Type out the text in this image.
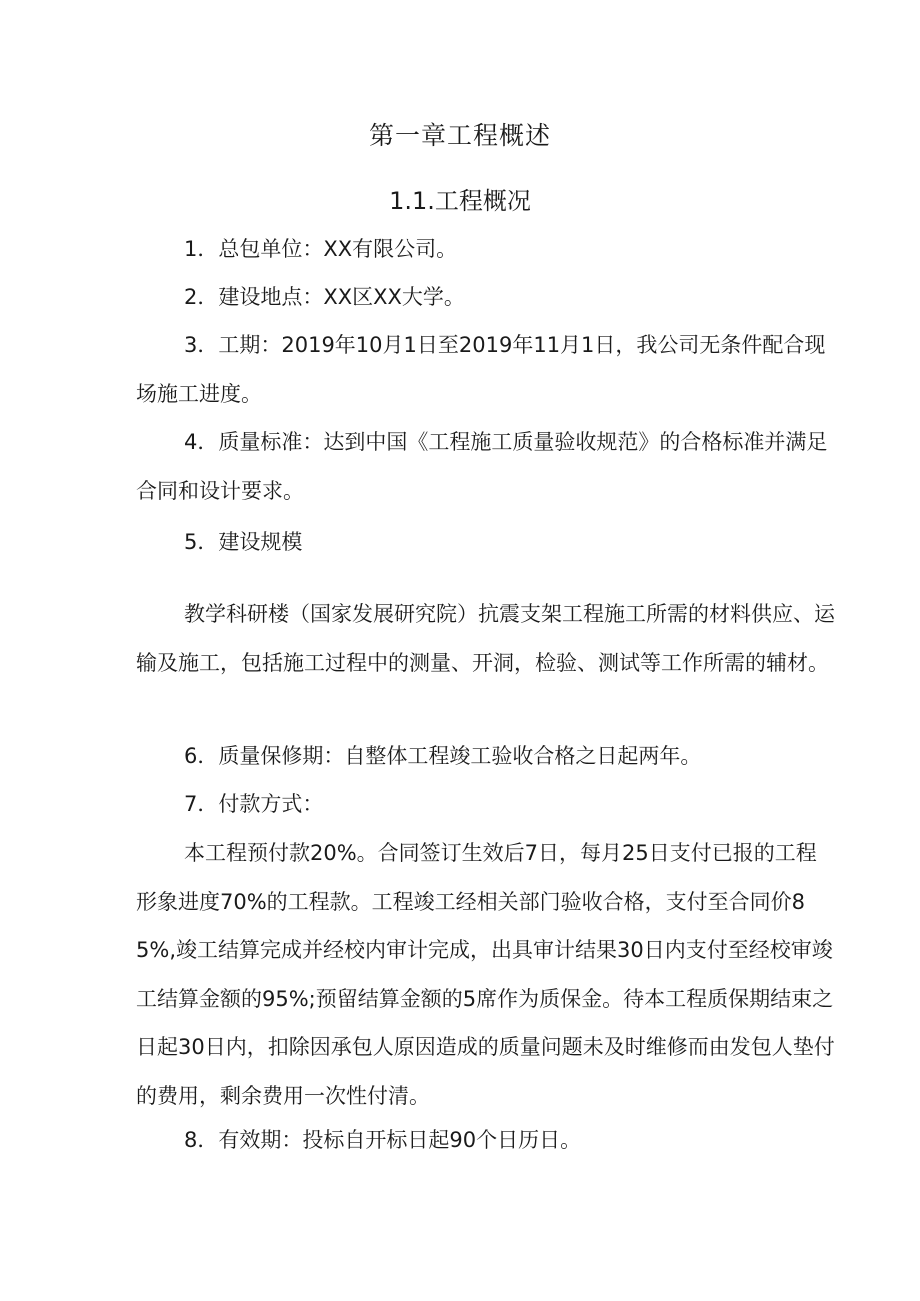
第一章工程概述
1.1.工程概况

1．总包单位：XX有限公司。

2．建设地点：XX区XX大学。

3．工期：2019年10月1日至2019年11月1日，我公司无条件配合现场施工进度。

4．质量标准：达到中国《工程施工质量验收规范》的合格标准并满足合同和设计要求。

5．建设规模

教学科研楼（国家发展研究院）抗震支架工程施工所需的材料供应、运输及施工，包括施工过程中的测量、开洞，检验、测试等工作所需的辅材。

6．质量保修期：自整体工程竣工验收合格之日起两年。

7．付款方式：

本工程预付款20%。合同签订生效后7日，每月25日支付已报的工程形象进度70%的工程款。工程竣工经相关部门验收合格，支付至合同价85%,竣工结算完成并经校内审计完成，出具审计结果30日内支付至经校审竣工结算金额的95%;预留结算金额的5席作为质保金。待本工程质保期结束之日起30日内，扣除因承包人原因造成的质量问题未及时维修而由发包人垫付的费用，剩余费用一次性付清。

8．有效期：投标自开标日起90个日历日。
